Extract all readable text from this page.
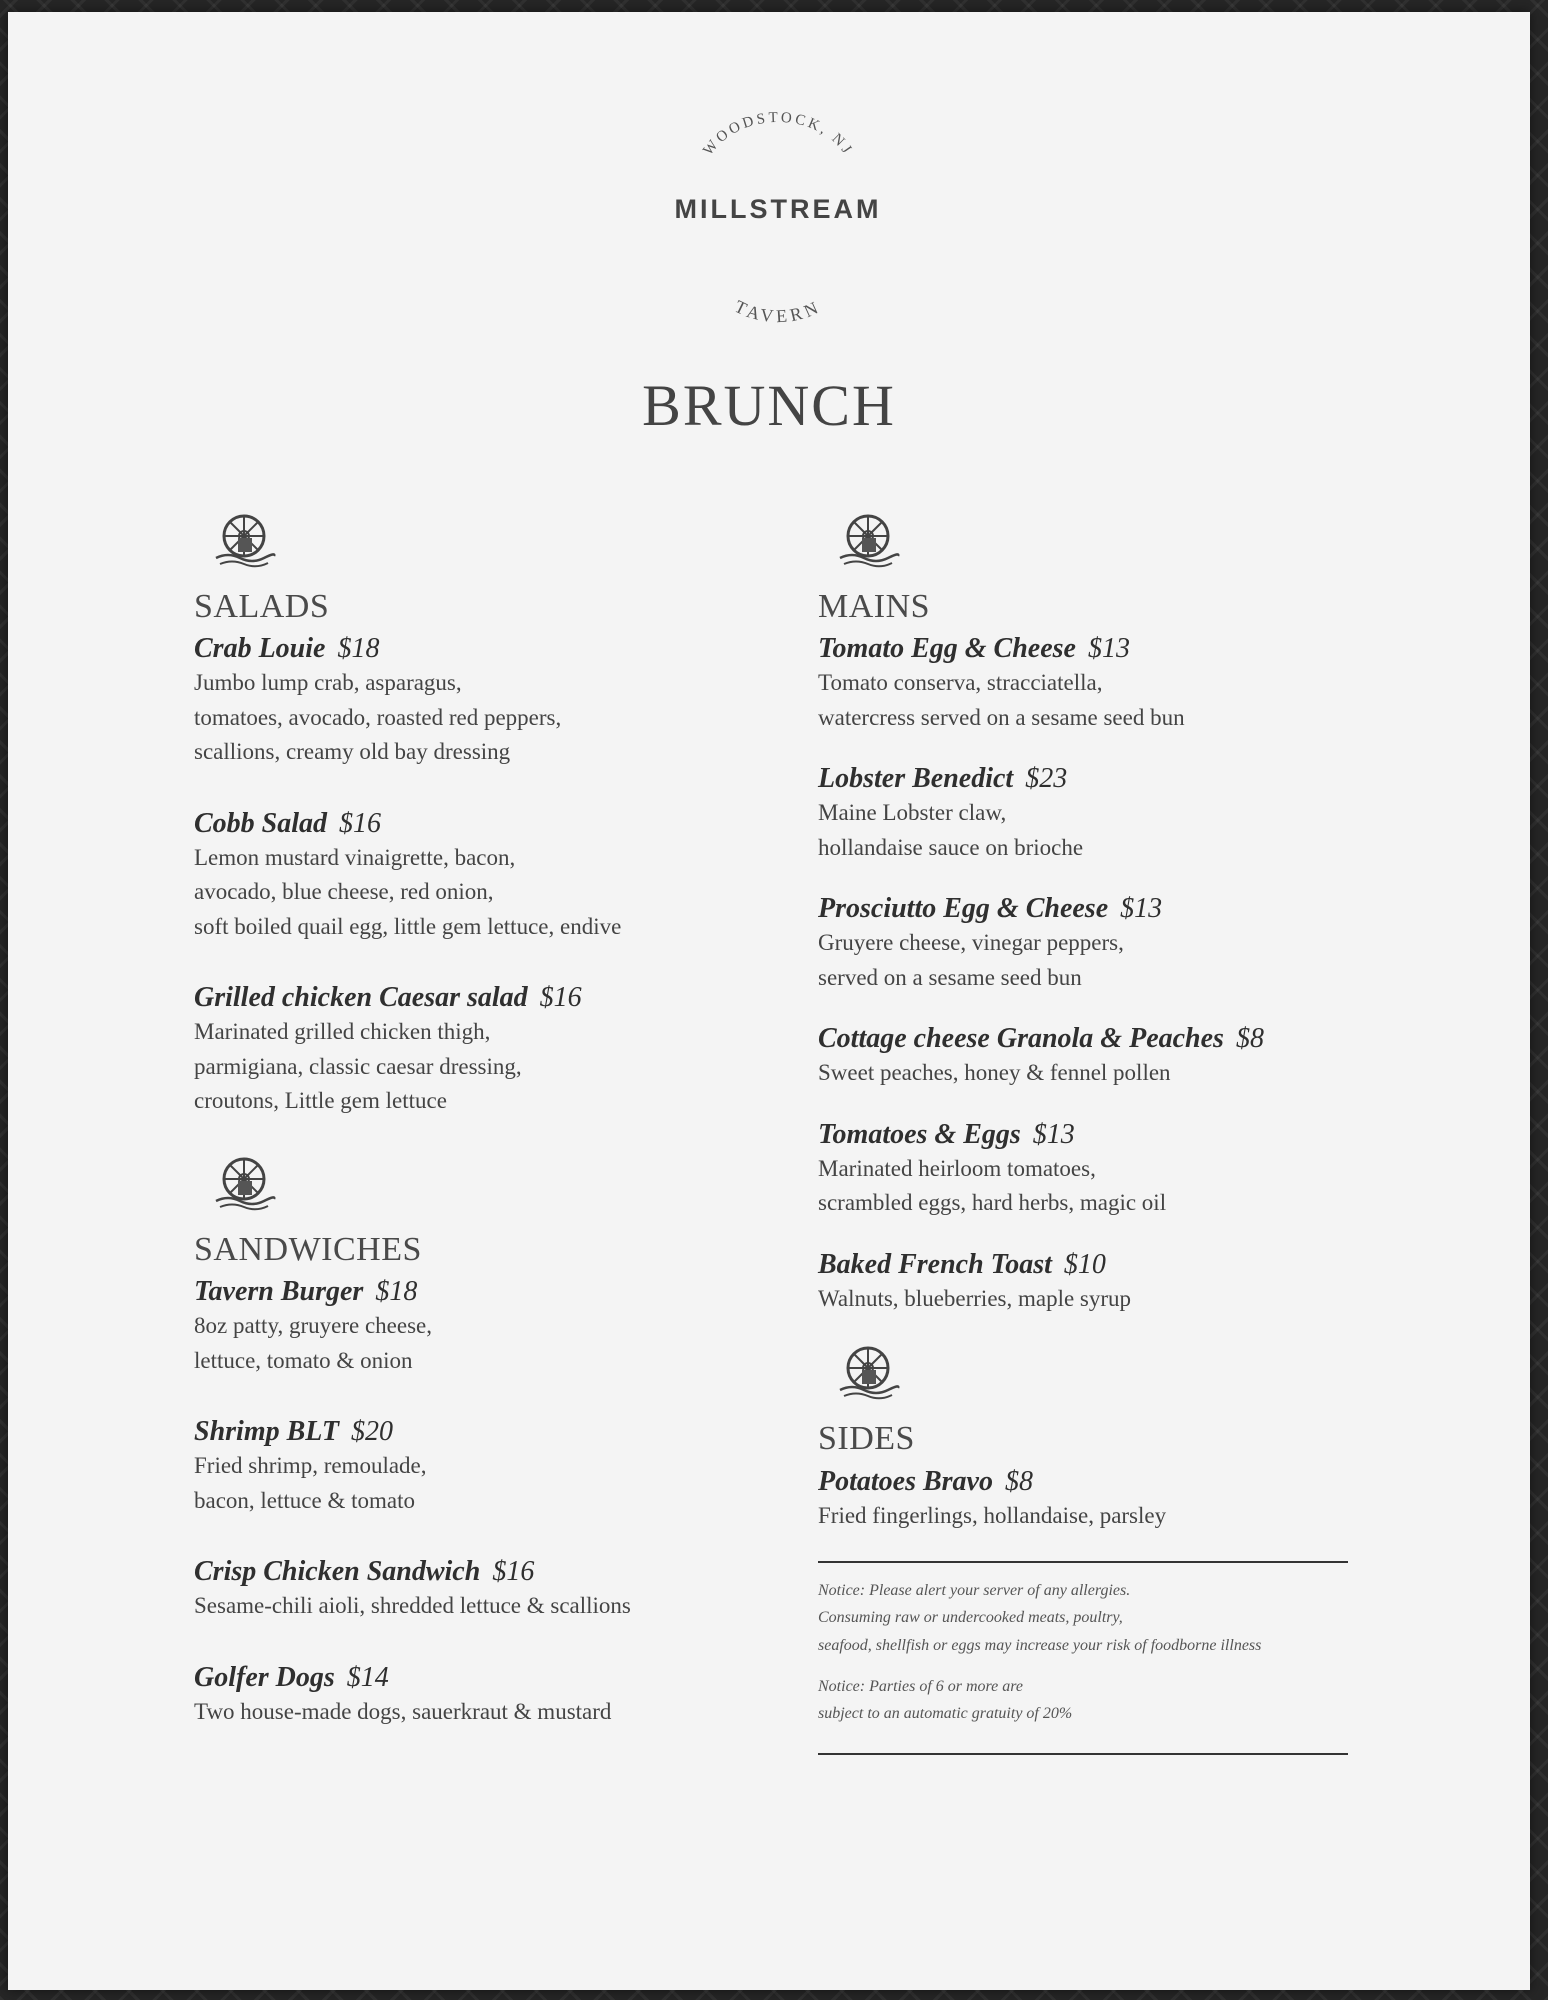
WOODSTOCK, NJ
TAVERN
MILLSTREAM
BRUNCH
SALADS
Crab Louie $18
Jumbo lump crab, asparagus,
tomatoes, avocado, roasted red peppers,
scallions, creamy old bay dressing
Cobb Salad $16
Lemon mustard vinaigrette, bacon,
avocado, blue cheese, red onion,
soft boiled quail egg, little gem lettuce, endive
Grilled chicken Caesar salad $16
Marinated grilled chicken thigh,
parmigiana, classic caesar dressing,
croutons, Little gem lettuce
SANDWICHES
Tavern Burger $18
8oz patty, gruyere cheese,
lettuce, tomato & onion
Shrimp BLT $20
Fried shrimp, remoulade,
bacon, lettuce & tomato
Crisp Chicken Sandwich $16
Sesame-chili aioli, shredded lettuce & scallions
Golfer Dogs $14
Two house-made dogs, sauerkraut & mustard
MAINS
Tomato Egg & Cheese $13
Tomato conserva, stracciatella,
watercress served on a sesame seed bun
Lobster Benedict $23
Maine Lobster claw,
hollandaise sauce on brioche
Prosciutto Egg & Cheese $13
Gruyere cheese, vinegar peppers,
served on a sesame seed bun
Cottage cheese Granola & Peaches $8
Sweet peaches, honey & fennel pollen
Tomatoes & Eggs $13
Marinated heirloom tomatoes,
scrambled eggs, hard herbs, magic oil
Baked French Toast $10
Walnuts, blueberries, maple syrup
SIDES
Potatoes Bravo $8
Fried fingerlings, hollandaise, parsley
Notice: Please alert your server of any allergies.
Consuming raw or undercooked meats, poultry,
seafood, shellfish or eggs may increase your risk of foodborne illness
Notice: Parties of 6 or more are
subject to an automatic gratuity of 20%
